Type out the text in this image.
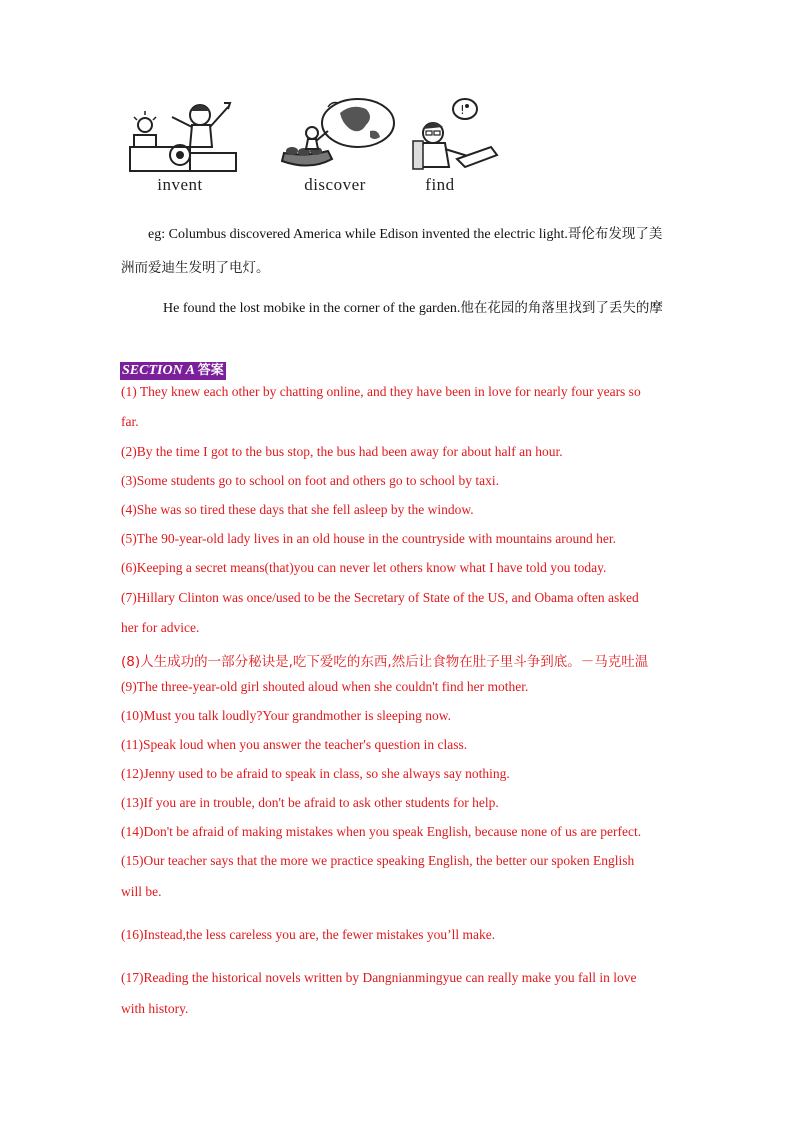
invent	discover
!
find
eg: Columbus discovered America while Edison invented the electric light.哥伦布发现了美
洲而爱迪生发明了电灯。
He found the lost mobike in the corner of the garden.他在花园的角落里找到了丢失的摩
SECTION A 答案
(1) They knew each other by chatting online, and they have been in love for nearly four years so
far.
(2)By the time I got to the bus stop, the bus had been away for about half an hour.
(3)Some students go to school on foot and others go to school by taxi.
(4)She was so tired these days that she fell asleep by the window.
(5)The 90-year-old lady lives in an old house in the countryside with mountains around her.
(6)Keeping a secret means(that)you can never let others know what I have told you today.
(7)Hillary Clinton was once/used to be the Secretary of State of the US, and Obama often asked
her for advice.
(8)人生成功的一部分秘诀是,吃下爱吃的东西,然后让食物在肚子里斗争到底。－马克吐温
(9)The three-year-old girl shouted aloud when she couldn't find her mother.
(10)Must you talk loudly?Your grandmother is sleeping now.
(11)Speak loud when you answer the teacher's question in class.
(12)Jenny used to be afraid to speak in class, so she always say nothing.
(13)If you are in trouble, don't be afraid to ask other students for help.
(14)Don't be afraid of making mistakes when you speak English, because none of us are perfect.
(15)Our teacher says that the more we practice speaking English, the better our spoken English
will be.
(16)Instead,the less careless you are, the fewer mistakes you’ll make.
(17)Reading the historical novels written by Dangnianmingyue can really make you fall in love
with history.
